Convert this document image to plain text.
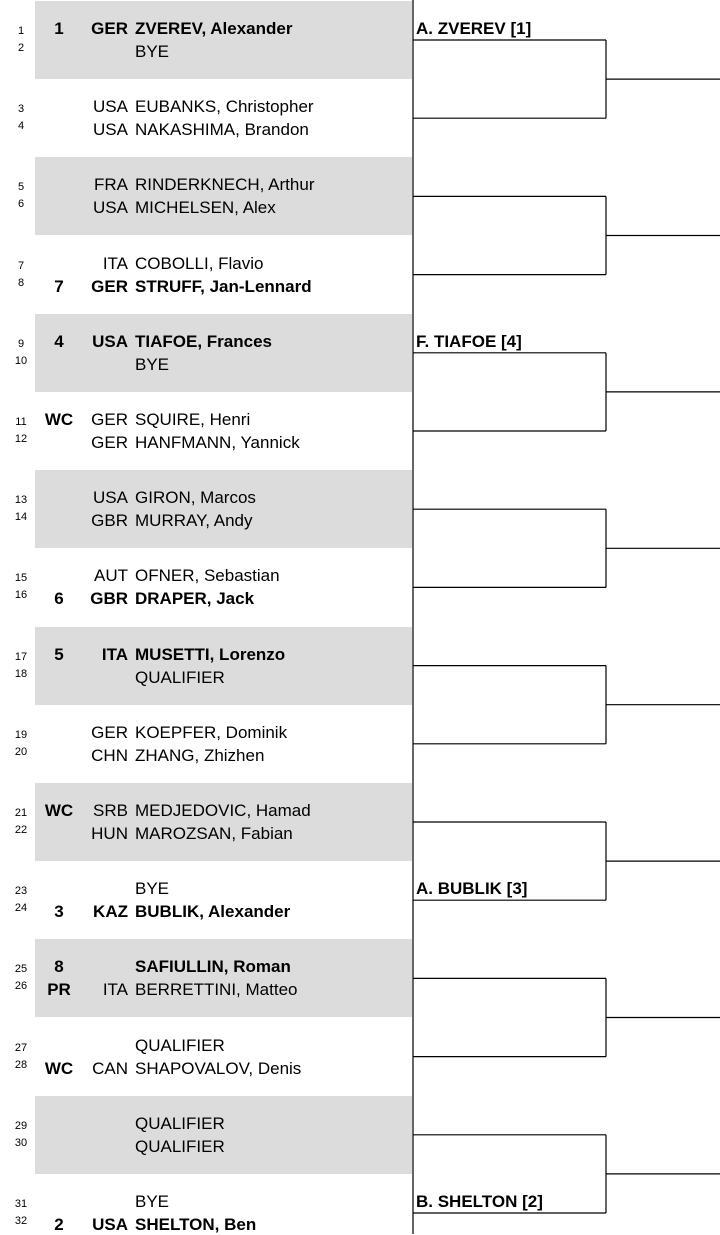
1	1	GER ZVEREV, Alexander
2	BYE
3	USA EUBANKS, Christopher
4	USA NAKASHIMA, Brandon
5	FRA RINDERKNECH, Arthur
6	USA MICHELSEN, Alex
7	ITA COBOLLI, Flavio
8	7	GER STRUFF, Jan-Lennard
9	4	USA TIAFOE, Frances
10	BYE
11	WC	GER SQUIRE, Henri
12	GER HANFMANN, Yannick
13	USA GIRON, Marcos
14	GBR MURRAY, Andy
15	AUT OFNER, Sebastian
16	6	GBR DRAPER, Jack
17	5	ITA MUSETTI, Lorenzo
18	QUALIFIER
19	GER KOEPFER, Dominik
20	CHN ZHANG, Zhizhen
21	WC	SRB MEDJEDOVIC, Hamad
22	HUN MAROZSAN, Fabian
23	BYE
24	3	KAZ BUBLIK, Alexander
25	8	SAFIULLIN, Roman
26	PR	ITA BERRETTINI, Matteo
27	QUALIFIER
28	WC	CAN SHAPOVALOV, Denis
29	QUALIFIER
30	QUALIFIER
31	BYE
32	2	USA SHELTON, Ben
A. ZVEREV [1]
F. TIAFOE [4]
A. BUBLIK [3]
B. SHELTON [2]
